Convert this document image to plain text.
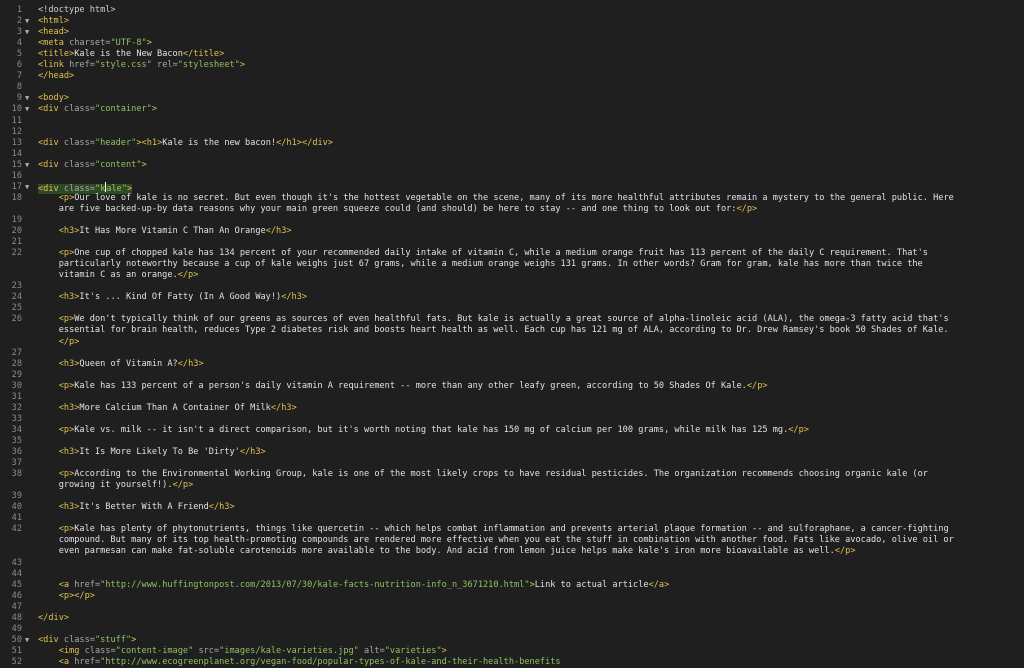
1 <!doctype html>
2 ▼	<html>
3 ▼	<head>
4 <meta charset="UTF-8">
5 <title>Kale is the New Bacon</title>
6 <link href="style.css" rel="stylesheet">
7 </head>
8
9 ▼	<body>
10 ▼	<div class="container">
11
12
13 <div class="header"><h1>Kale is the new bacon!</h1></div>
14
15 ▼	<div class="content">
16
17 ▼	<div class="kale">
18	<p>Our love of kale is no secret. But even though it's the hottest vegetable on the scene, many of its more healthful attributes remain a mystery to the general public. Here
are five backed-up-by data reasons why your main green squeeze could (and should) be here to stay -- and one thing to look out for:</p>
19
20	<h3>It Has More Vitamin C Than An Orange</h3>
21
22	<p>One cup of chopped kale has 134 percent of your recommended daily intake of vitamin C, while a medium orange fruit has 113 percent of the daily C requirement. That's
particularly noteworthy because a cup of kale weighs just 67 grams, while a medium orange weighs 131 grams. In other words? Gram for gram, kale has more than twice the
vitamin C as an orange.</p>
23
24	<h3>It's ... Kind Of Fatty (In A Good Way!)</h3>
25
26	<p>We don't typically think of our greens as sources of even healthful fats. But kale is actually a great source of alpha-linoleic acid (ALA), the omega-3 fatty acid that's
essential for brain health, reduces Type 2 diabetes risk and boosts heart health as well. Each cup has 121 mg of ALA, according to Dr. Drew Ramsey's book 50 Shades of Kale.
</p>
27
28	<h3>Queen of Vitamin A?</h3>
29
30	<p>Kale has 133 percent of a person's daily vitamin A requirement -- more than any other leafy green, according to 50 Shades Of Kale.</p>
31
32	<h3>More Calcium Than A Container Of Milk</h3>
33
34	<p>Kale vs. milk -- it isn't a direct comparison, but it's worth noting that kale has 150 mg of calcium per 100 grams, while milk has 125 mg.</p>
35
36	<h3>It Is More Likely To Be 'Dirty'</h3>
37
38	<p>According to the Environmental Working Group, kale is one of the most likely crops to have residual pesticides. The organization recommends choosing organic kale (or
growing it yourself!).</p>
39
40	<h3>It's Better With A Friend</h3>
41
42	<p>Kale has plenty of phytonutrients, things like quercetin -- which helps combat inflammation and prevents arterial plaque formation -- and sulforaphane, a cancer-fighting
compound. But many of its top health-promoting compounds are rendered more effective when you eat the stuff in combination with another food. Fats like avocado, olive oil or
even parmesan can make fat-soluble carotenoids more available to the body. And acid from lemon juice helps make kale's iron more bioavailable as well.</p>
43
44
45	<a href="http://www.huffingtonpost.com/2013/07/30/kale-facts-nutrition-info_n_3671210.html">Link to actual article</a>
46	<p></p>
47
48 </div>
49
50 ▼	<div class="stuff">
51	<img class="content-image" src="images/kale-varieties.jpg" alt="varieties">
52	<a href="http://www.ecogreenplanet.org/vegan-food/popular-types-of-kale-and-their-health-benefits
